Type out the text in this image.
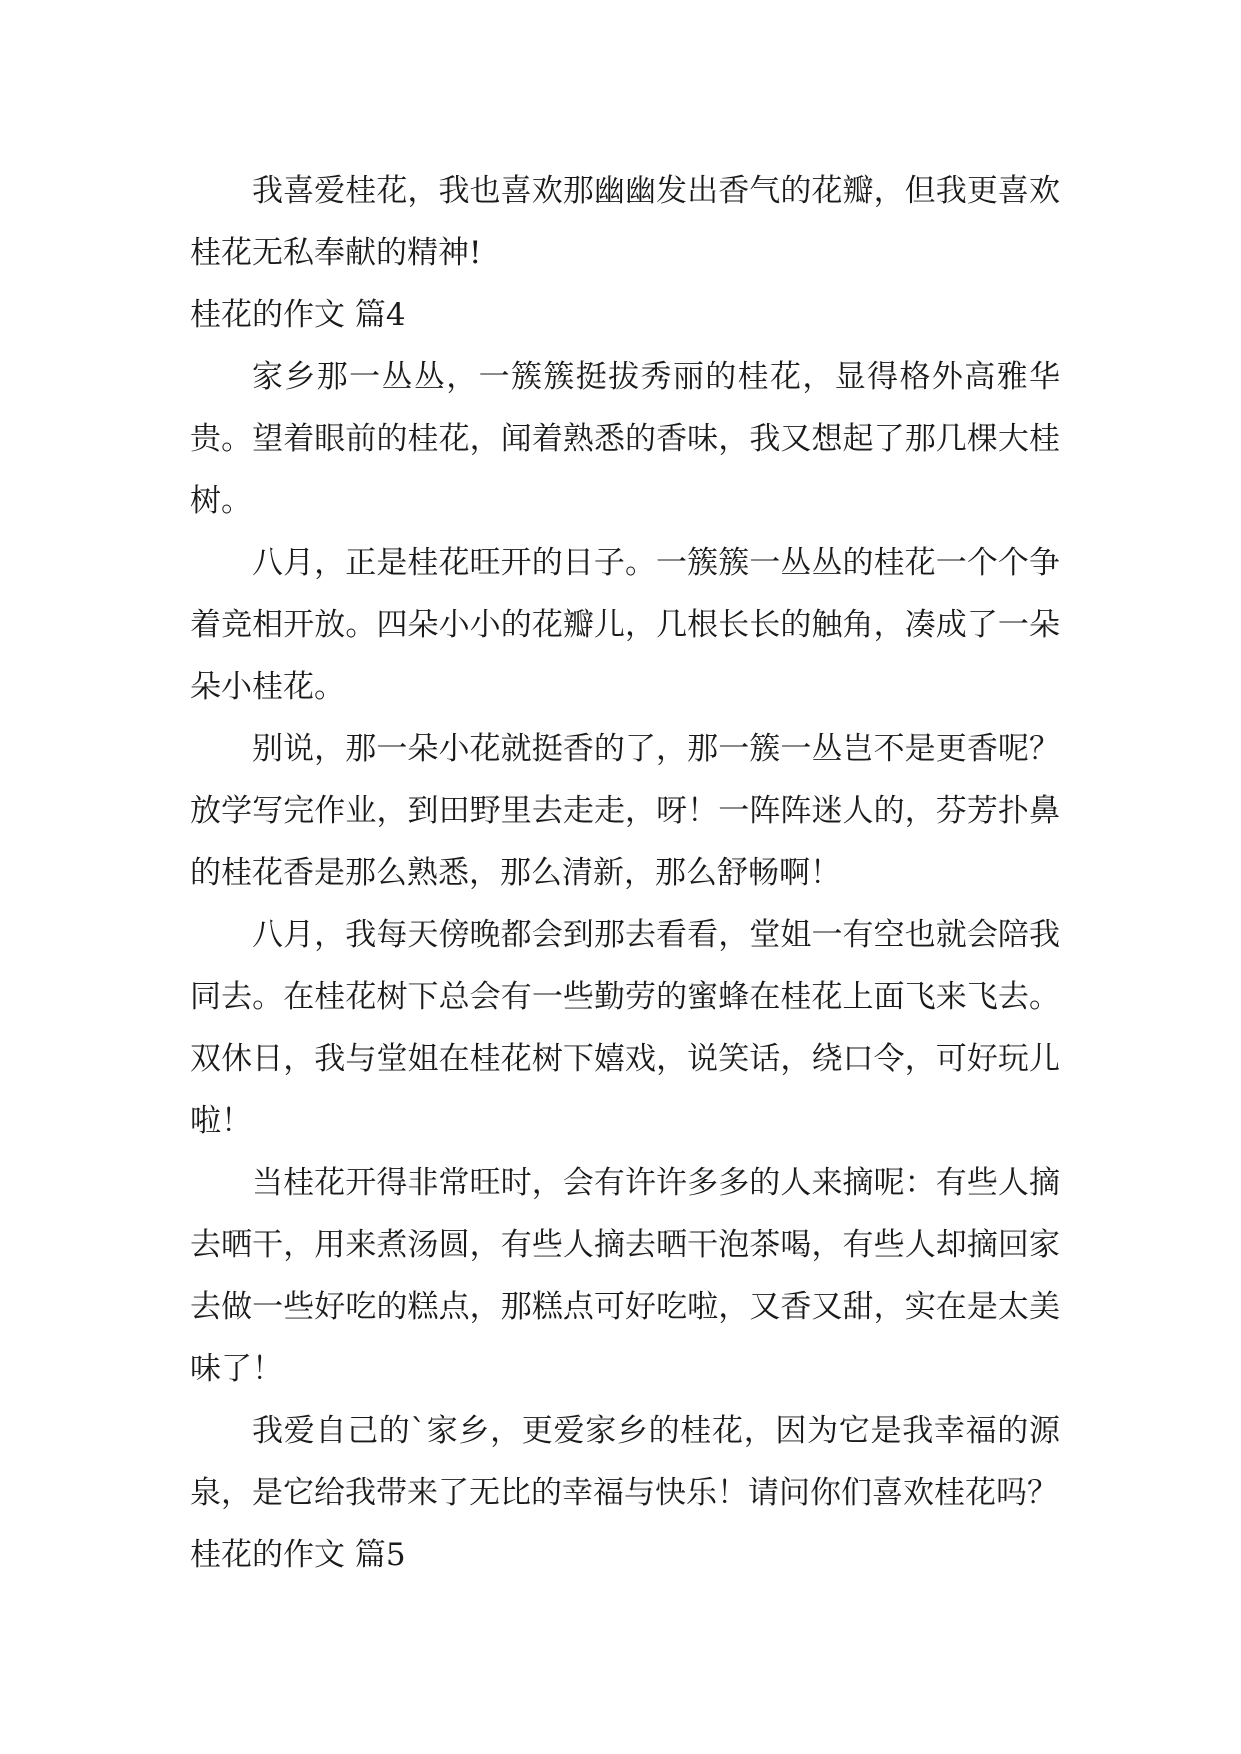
我喜爱桂花，我也喜欢那幽幽发出香气的花瓣，但我更喜欢桂花无私奉献的精神!

桂花的作文 篇4

家乡那一丛丛，一簇簇挺拔秀丽的桂花，显得格外高雅华贵。望着眼前的桂花，闻着熟悉的香味，我又想起了那几棵大桂树。

八月，正是桂花旺开的日子。一簇簇一丛丛的桂花一个个争着竞相开放。四朵小小的花瓣儿，几根长长的触角，凑成了一朵朵小桂花。

别说，那一朵小花就挺香的了，那一簇一丛岂不是更香呢？放学写完作业，到田野里去走走，呀！一阵阵迷人的，芬芳扑鼻的桂花香是那么熟悉，那么清新，那么舒畅啊！

八月，我每天傍晚都会到那去看看，堂姐一有空也就会陪我同去。在桂花树下总会有一些勤劳的蜜蜂在桂花上面飞来飞去。双休日，我与堂姐在桂花树下嬉戏，说笑话，绕口令，可好玩儿啦！

当桂花开得非常旺时，会有许许多多的人来摘呢：有些人摘去晒干，用来煮汤圆，有些人摘去晒干泡茶喝，有些人却摘回家去做一些好吃的糕点，那糕点可好吃啦，又香又甜，实在是太美味了！

我爱自己的`家乡，更爱家乡的桂花，因为它是我幸福的源泉，是它给我带来了无比的幸福与快乐！请问你们喜欢桂花吗？

桂花的作文 篇5
